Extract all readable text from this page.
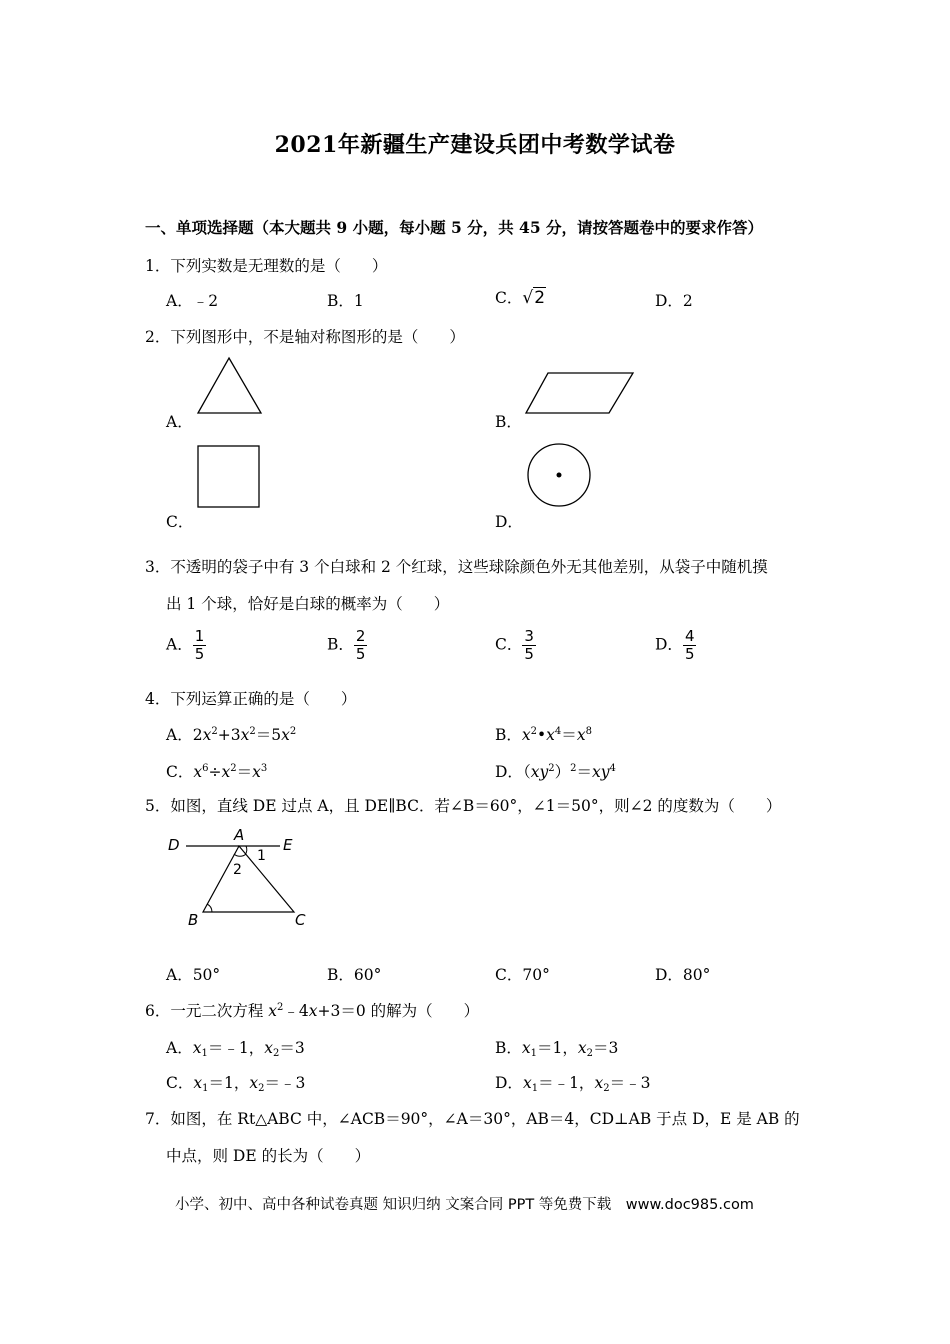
2021年新疆生产建设兵团中考数学试卷
一、单项选择题（本大题共 9 小题，每小题 5 分，共 45 分，请按答题卷中的要求作答）
1．下列实数是无理数的是（　　）
A．﹣2	B．1	C．√2	D．2
2．下列图形中，不是轴对称图形的是（　　）
A．	B．
C．	D．
3．不透明的袋子中有 3 个白球和 2 个红球，这些球除颜色外无其他差别，从袋子中随机摸
出 1 个球，恰好是白球的概率为（　　）
A． $\frac{1}{5}$	B． $\frac{2}{5}$	C． $\frac{3}{5}$	D． $\frac{4}{5}$
4．下列运算正确的是（　　）
A．$2x^2+3x^2=5x^2$	B．$x^2•x^4=x^8$
C．$x^6\div x^2=x^3$	D．$(xy^2)^2=xy^4$
5．如图，直线 DE 过点 A，且 DE∥BC．若∠B＝60°，∠1＝50°，则∠2 的度数为（　　）
D
A
E
B	C
1
2
A．50°	B．60°	C．70°	D．80°
6．一元二次方程 $x^2﹣4x+3=0$ 的解为（　　）
A．$x_1=﹣1$，$x_2=3$	B．$x_1=1$，$x_2=3$
C．$x_1=1$，$x_2=﹣3$	D．$x_1=﹣1$，$x_2=﹣3$
7．如图，在 Rt△ABC 中，∠ACB＝90°，∠A＝30°，AB＝4，CD⊥AB 于点 D，E 是 AB 的
中点，则 DE 的长为（　　）
小学、初中、高中各种试卷真题 知识归纳 文案合同 PPT 等免费下载　www.doc985.com
